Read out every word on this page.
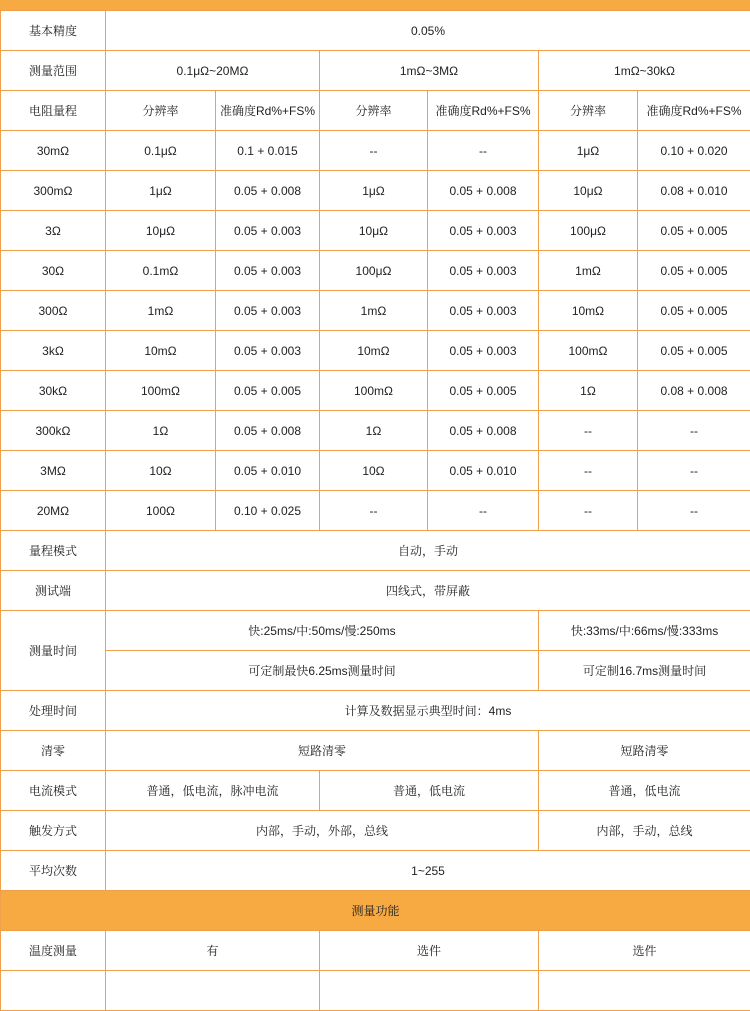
基本精度	0.05%					
测量范围	0.1μΩ~20MΩ		1mΩ~3MΩ		1mΩ~30kΩ	
电阻量程	分辨率	准确度Rd%+FS%	分辨率	准确度Rd%+FS%	分辨率	准确度Rd%+FS%
30mΩ	0.1μΩ	0.1 + 0.015	--	--	1μΩ	0.10 + 0.020
300mΩ	1μΩ	0.05 + 0.008	1μΩ	0.05 + 0.008	10μΩ	0.08 + 0.010
3Ω	10μΩ	0.05 + 0.003	10μΩ	0.05 + 0.003	100μΩ	0.05 + 0.005
30Ω	0.1mΩ	0.05 + 0.003	100μΩ	0.05 + 0.003	1mΩ	0.05 + 0.005
300Ω	1mΩ	0.05 + 0.003	1mΩ	0.05 + 0.003	10mΩ	0.05 + 0.005
3kΩ	10mΩ	0.05 + 0.003	10mΩ	0.05 + 0.003	100mΩ	0.05 + 0.005
30kΩ	100mΩ	0.05 + 0.005	100mΩ	0.05 + 0.005	1Ω	0.08 + 0.008
300kΩ	1Ω	0.05 + 0.008	1Ω	0.05 + 0.008	--	--
3MΩ	10Ω	0.05 + 0.010	10Ω	0.05 + 0.010	--	--
20MΩ	100Ω	0.10 + 0.025	--	--	--	--
量程模式	自动，手动					
测试端	四线式，带屏蔽					
测量时间	快:25ms/中:50ms/慢:250ms				快:33ms/中:66ms/慢:333ms	
	可定制最快6.25ms测量时间				可定制16.7ms测量时间	
处理时间	计算及数据显示典型时间：4ms					
清零	短路清零				短路清零	
电流模式	普通，低电流，脉冲电流		普通，低电流		普通，低电流	
触发方式	内部，手动，外部，总线				内部，手动，总线	
平均次数	1~255					
测量功能						
温度测量	有		选件		选件	
